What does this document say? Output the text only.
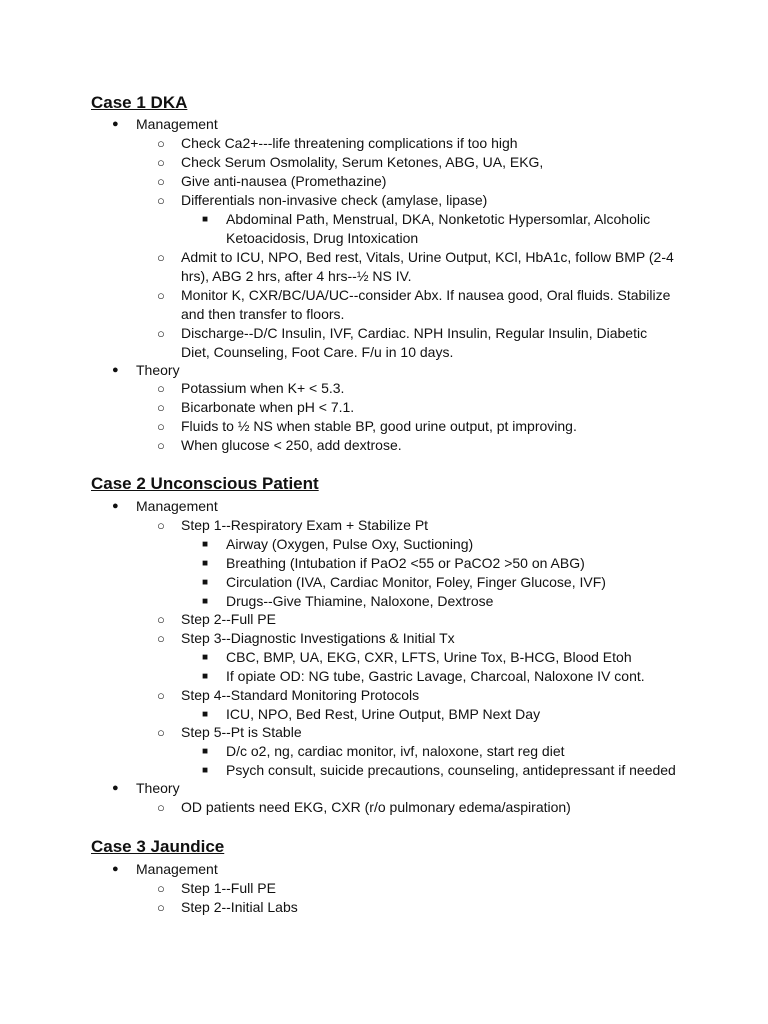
Case 1 DKA
● Management
○ Check Ca2+---life threatening complications if too high
○ Check Serum Osmolality, Serum Ketones, ABG, UA, EKG,
○ Give anti-nausea (Promethazine)
○ Differentials non-invasive check (amylase, lipase)
■ Abdominal Path, Menstrual, DKA, Nonketotic Hypersomlar, Alcoholic
Ketoacidosis, Drug Intoxication
○ Admit to ICU, NPO, Bed rest, Vitals, Urine Output, KCl, HbA1c, follow BMP (2-4
hrs), ABG 2 hrs, after 4 hrs--½ NS IV.
○ Monitor K, CXR/BC/UA/UC--consider Abx. If nausea good, Oral fluids. Stabilize
and then transfer to floors.
○ Discharge--D/C Insulin, IVF, Cardiac. NPH Insulin, Regular Insulin, Diabetic
Diet, Counseling, Foot Care. F/u in 10 days.
● Theory
○ Potassium when K+ < 5.3.
○ Bicarbonate when pH < 7.1.
○ Fluids to ½ NS when stable BP, good urine output, pt improving.
○ When glucose < 250, add dextrose.
Case 2 Unconscious Patient
● Management
○ Step 1--Respiratory Exam + Stabilize Pt
■ Airway (Oxygen, Pulse Oxy, Suctioning)
■ Breathing (Intubation if PaO2 <55 or PaCO2 >50 on ABG)
■ Circulation (IVA, Cardiac Monitor, Foley, Finger Glucose, IVF)
■ Drugs--Give Thiamine, Naloxone, Dextrose
○ Step 2--Full PE
○ Step 3--Diagnostic Investigations & Initial Tx
■ CBC, BMP, UA, EKG, CXR, LFTS, Urine Tox, B-HCG, Blood Etoh
■ If opiate OD: NG tube, Gastric Lavage, Charcoal, Naloxone IV cont.
○ Step 4--Standard Monitoring Protocols
■ ICU, NPO, Bed Rest, Urine Output, BMP Next Day
○ Step 5--Pt is Stable
■ D/c o2, ng, cardiac monitor, ivf, naloxone, start reg diet
■ Psych consult, suicide precautions, counseling, antidepressant if needed
● Theory
○ OD patients need EKG, CXR (r/o pulmonary edema/aspiration)
Case 3 Jaundice
● Management
○ Step 1--Full PE
○ Step 2--Initial Labs
